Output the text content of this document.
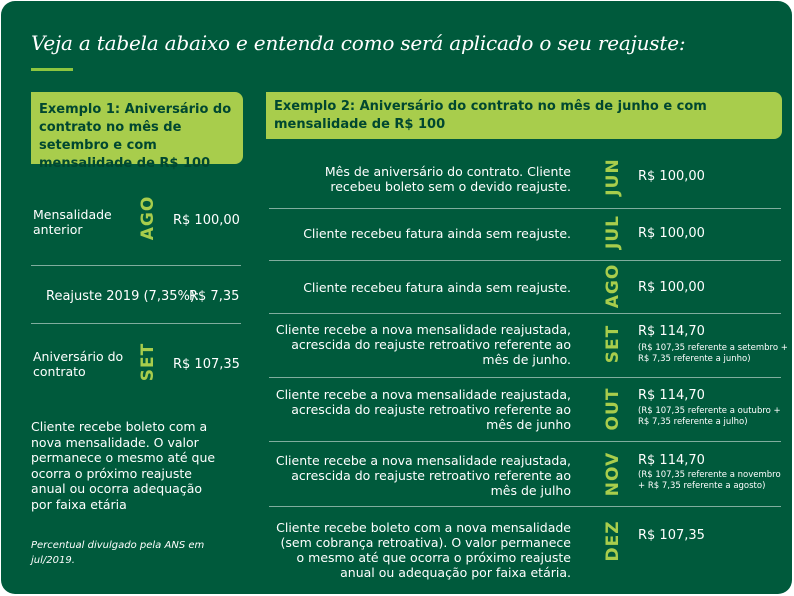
Veja a tabela abaixo e entenda como será aplicado o seu reajuste:
Exemplo 1: Aniversário do contrato no mês de setembro e com mensalidade de R$ 100
Mensalidade anterior	AGO R$ 100,00
Reajuste 2019 (7,35%):
R$ 7,35
Aniversário do contrato	SET R$ 107,35
Cliente recebe boleto com a nova mensalidade. O valor permanece o mesmo até que ocorra o próximo reajuste anual ou ocorra adequação por faixa etária
Percentual divulgado pela ANS em jul/2019.
Exemplo 2: Aniversário do contrato no mês de junho e com mensalidade de R$ 100
Mês de aniversário do contrato. Cliente recebeu boleto sem o devido reajuste. JUN R$ 100,00
Cliente recebeu fatura ainda sem reajuste. JUL R$ 100,00
Cliente recebeu fatura ainda sem reajuste. AGO R$ 100,00
Cliente recebe a nova mensalidade reajustada, acrescida do reajuste retroativo referente ao mês de junho. SET R$ 114,70
(R$ 107,35 referente a setembro + R$ 7,35 referente a junho)
Cliente recebe a nova mensalidade reajustada, acrescida do reajuste retroativo referente ao mês de junho OUT R$ 114,70
(R$ 107,35 referente a outubro + R$ 7,35 referente a julho)
Cliente recebe a nova mensalidade reajustada, acrescida do reajuste retroativo referente ao mês de julho NOV R$ 114,70
(R$ 107,35 referente a novembro + R$ 7,35 referente a agosto)
Cliente recebe boleto com a nova mensalidade (sem cobrança retroativa). O valor permanece o mesmo até que ocorra o próximo reajuste anual ou adequação por faixa etária.
DEZ R$ 107,35
